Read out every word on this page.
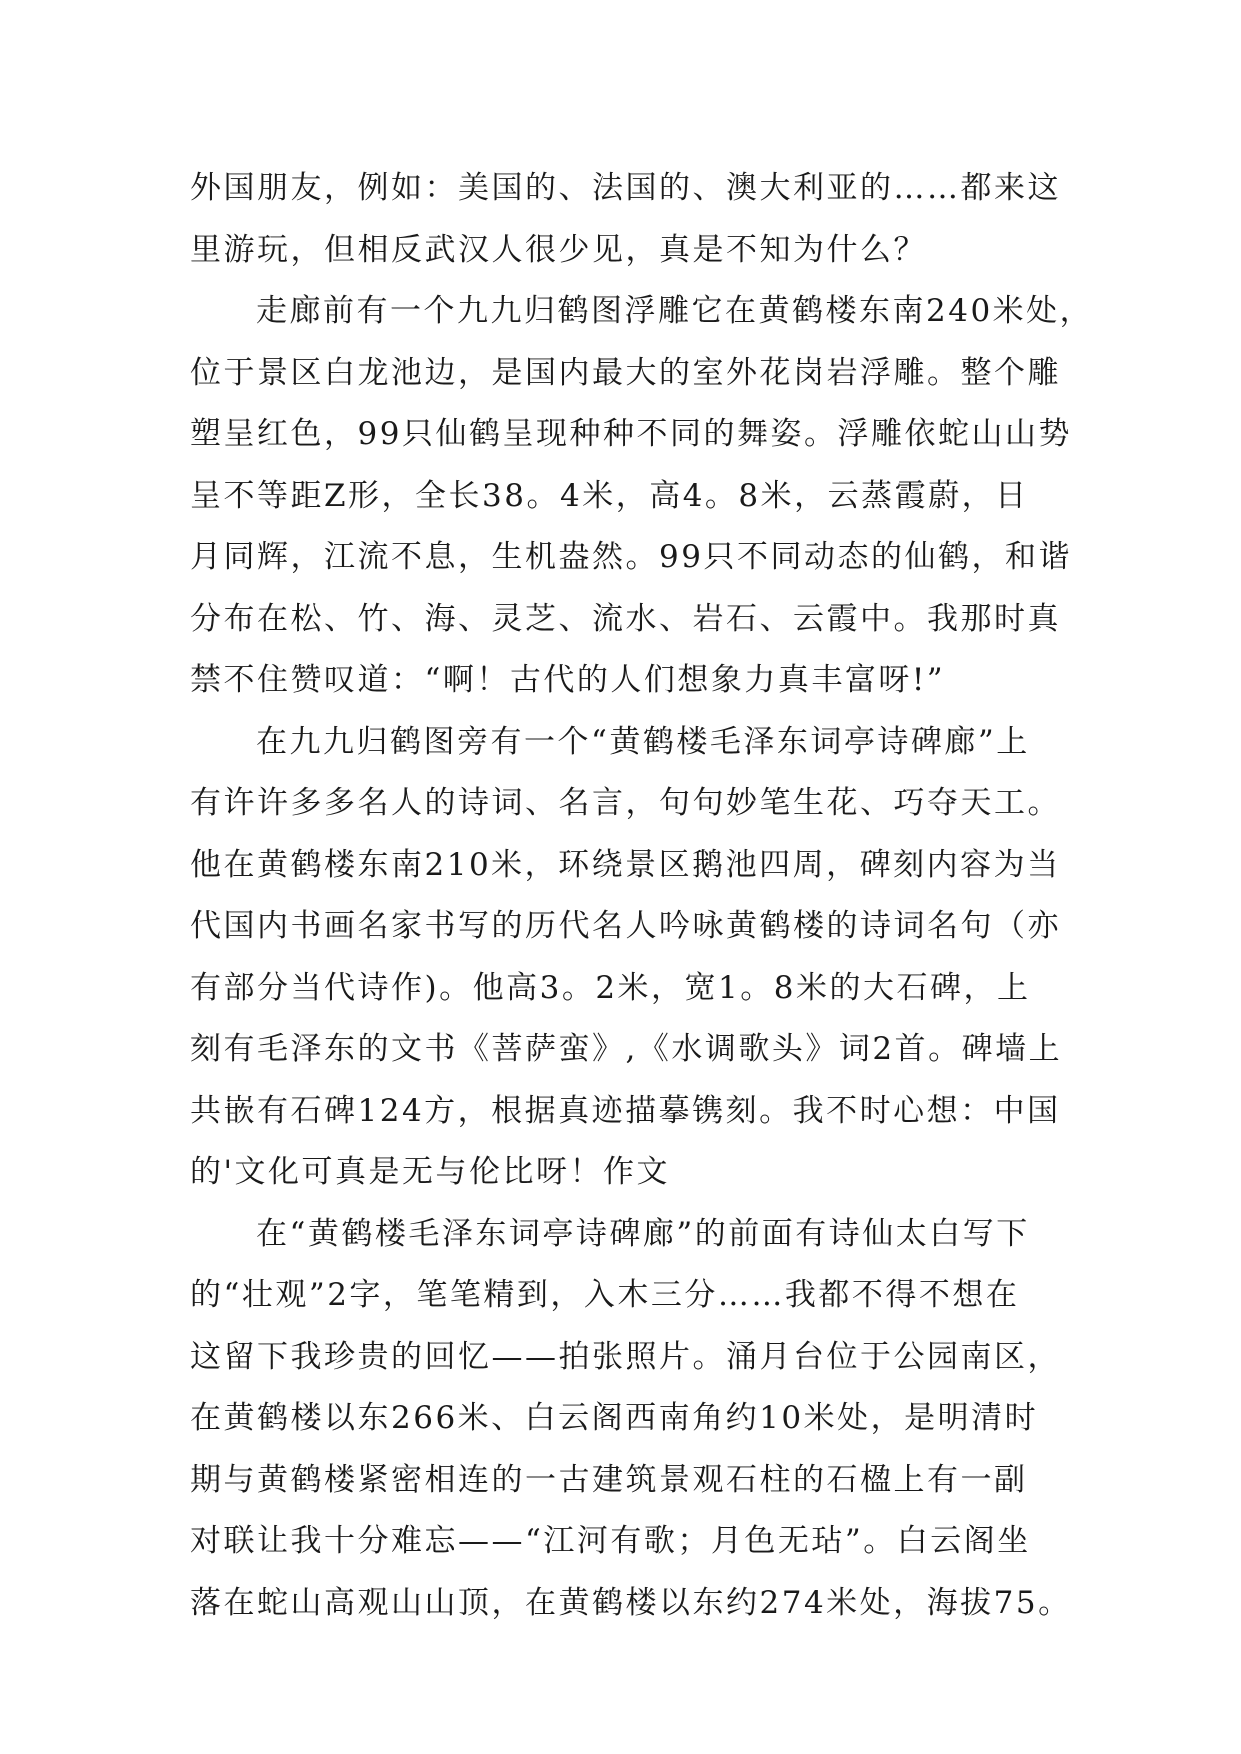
外国朋友，例如：美国的、法国的、澳大利亚的……都来这
里游玩，但相反武汉人很少见，真是不知为什么？
走廊前有一个九九归鹤图浮雕它在黄鹤楼东南240米处，
位于景区白龙池边，是国内最大的室外花岗岩浮雕。整个雕
塑呈红色，99只仙鹤呈现种种不同的舞姿。浮雕依蛇山山势
呈不等距Z形，全长38。4米，高4。8米，云蒸霞蔚，日
月同辉，江流不息，生机盎然。99只不同动态的仙鹤，和谐
分布在松、竹、海、灵芝、流水、岩石、云霞中。我那时真
禁不住赞叹道：“啊！古代的人们想象力真丰富呀!”
在九九归鹤图旁有一个“黄鹤楼毛泽东词亭诗碑廊”上
有许许多多名人的诗词、名言，句句妙笔生花、巧夺天工。
他在黄鹤楼东南210米，环绕景区鹅池四周，碑刻内容为当
代国内书画名家书写的历代名人吟咏黄鹤楼的诗词名句（亦
有部分当代诗作)。他高3。2米，宽1。8米的大石碑，上
刻有毛泽东的文书《菩萨蛮》,《水调歌头》词2首。碑墙上
共嵌有石碑124方，根据真迹描摹镌刻。我不时心想：中国
的'文化可真是无与伦比呀！作文
在“黄鹤楼毛泽东词亭诗碑廊”的前面有诗仙太白写下
的“壮观”2字，笔笔精到，入木三分……我都不得不想在
这留下我珍贵的回忆——拍张照片。涌月台位于公园南区，
在黄鹤楼以东266米、白云阁西南角约10米处，是明清时
期与黄鹤楼紧密相连的一古建筑景观石柱的石楹上有一副
对联让我十分难忘——“江河有歌；月色无玷”。白云阁坐
落在蛇山高观山山顶，在黄鹤楼以东约274米处，海拔75。
